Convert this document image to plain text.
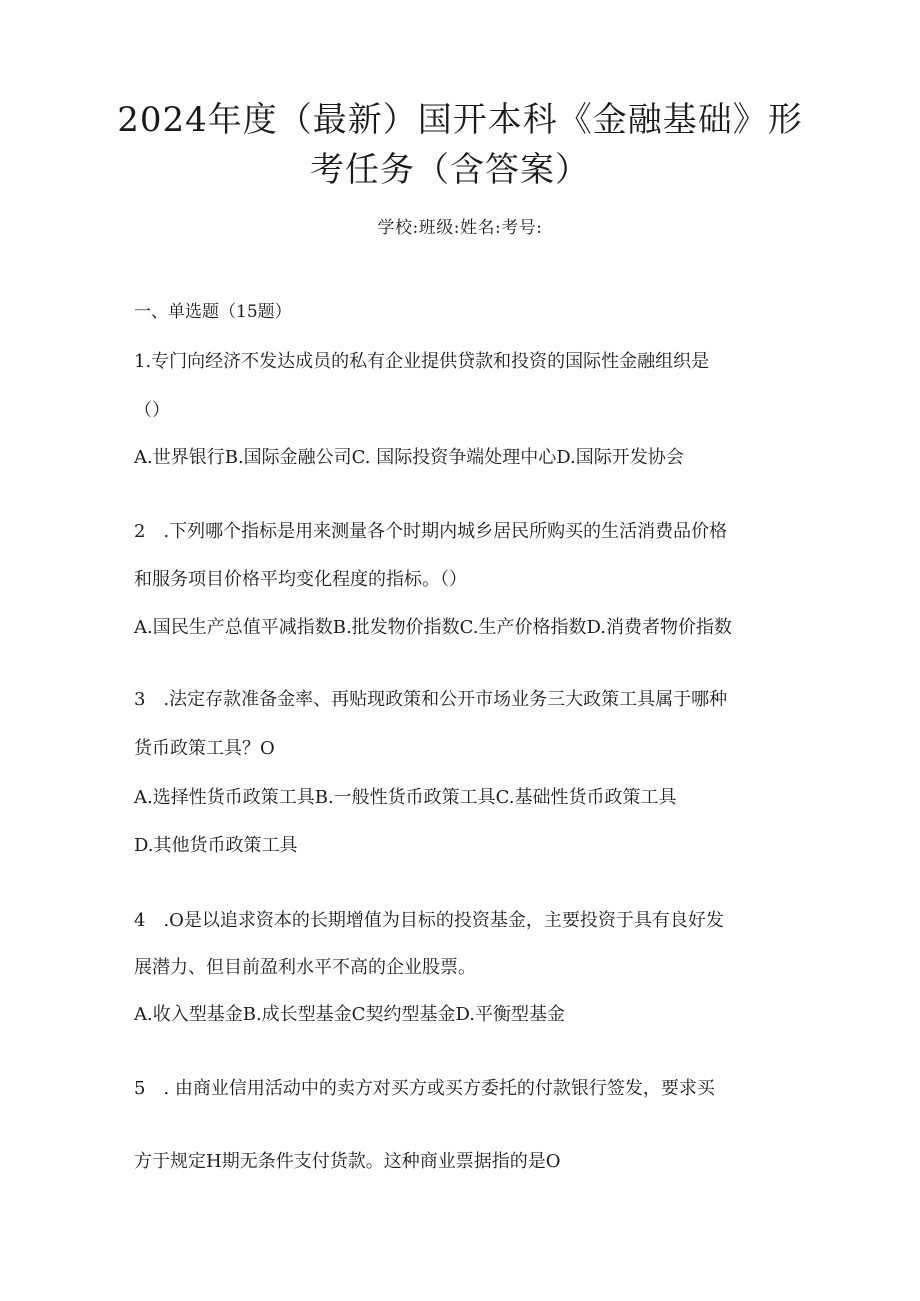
2024年度（最新）国开本科《金融基础》形
考任务（含答案）
学校:班级:姓名:考号:
一、单选题（15题）
1.专门向经济不发达成员的私有企业提供贷款和投资的国际性金融组织是
（）
A.世界银行B.国际金融公司C. 国际投资争端处理中心D.国际开发协会
2　.下列哪个指标是用来测量各个时期内城乡居民所购买的生活消费品价格
和服务项目价格平均变化程度的指标。（）
A.国民生产总值平减指数B.批发物价指数C.生产价格指数D.消费者物价指数
3　.法定存款准备金率、再贴现政策和公开市场业务三大政策工具属于哪种
货币政策工具？O
A.选择性货币政策工具B.一般性货币政策工具C.基础性货币政策工具
D.其他货币政策工具
4　.O是以追求资本的长期增值为目标的投资基金，主要投资于具有良好发
展潜力、但目前盈利水平不高的企业股票。
A.收入型基金B.成长型基金C契约型基金D.平衡型基金
5　. 由商业信用活动中的卖方对买方或买方委托的付款银行签发，要求买
方于规定H期无条件支付货款。这种商业票据指的是O
